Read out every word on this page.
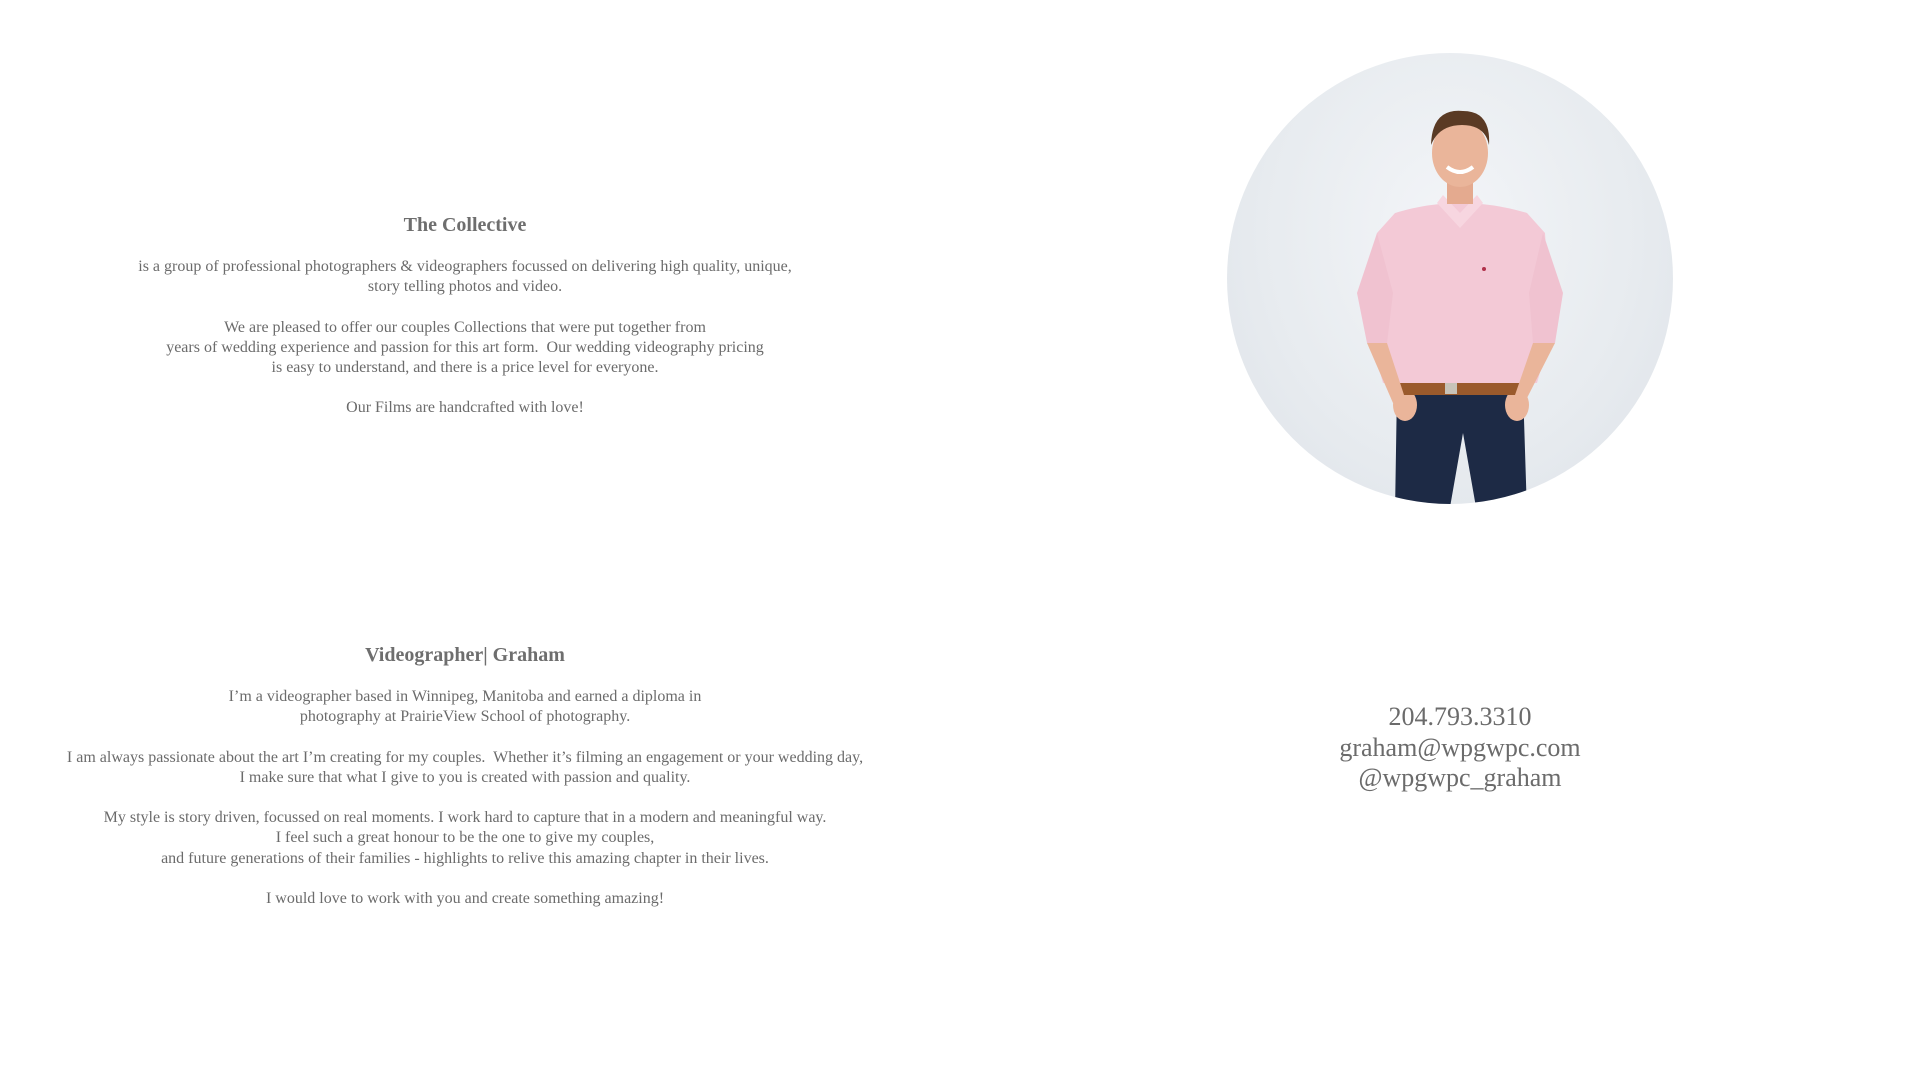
The Collective

is a group of professional photographers & videographers focussed on delivering high quality, unique,
story telling photos and video.

We are pleased to offer our couples Collections that were put together from
years of wedding experience and passion for this art form.  Our wedding videography pricing
is easy to understand, and there is a price level for everyone.

Our Films are handcrafted with love!

Videographer| Graham

I’m a videographer based in Winnipeg, Manitoba and earned a diploma in
photography at PrairieView School of photography.

I am always passionate about the art I’m creating for my couples.  Whether it’s filming an engagement or your wedding day,
I make sure that what I give to you is created with passion and quality.

My style is story driven, focussed on real moments. I work hard to capture that in a modern and meaningful way.
I feel such a great honour to be the one to give my couples,
and future generations of their families - highlights to relive this amazing chapter in their lives.

I would love to work with you and create something amazing!

204.793.3310
graham@wpgwpc.com
@wpgwpc_graham
